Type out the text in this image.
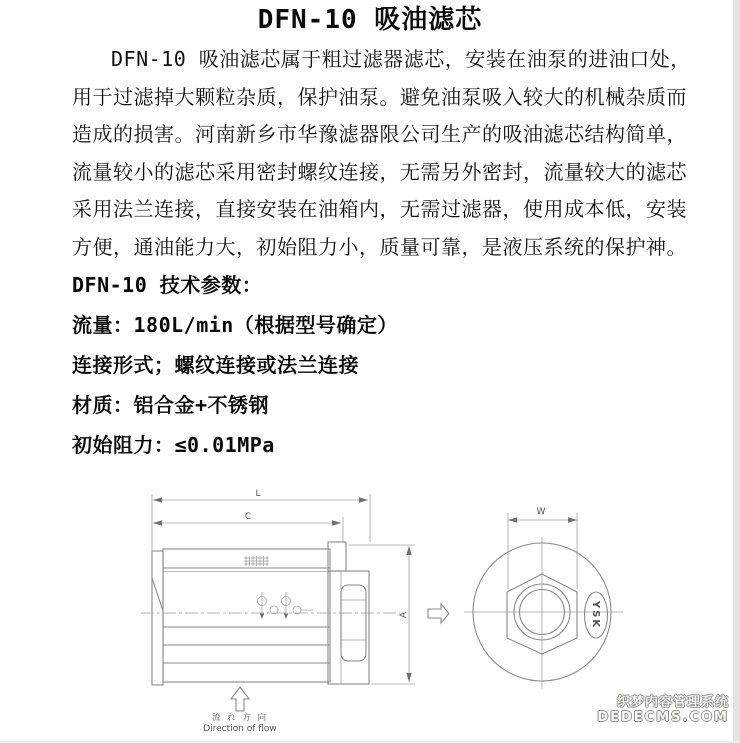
DFN-10 吸油滤芯
DFN-10 吸油滤芯属于粗过滤器滤芯，安装在油泵的进油口处，
用于过滤掉大颗粒杂质，保护油泵。避免油泵吸入较大的机械杂质而
造成的损害。河南新乡市华豫滤器限公司生产的吸油滤芯结构简单，
流量较小的滤芯采用密封螺纹连接，无需另外密封，流量较大的滤芯
采用法兰连接，直接安装在油箱内，无需过滤器，使用成本低，安装
方便，通油能力大，初始阻力小，质量可靠，是液压系统的保护神。
DFN-10 技术参数：
流量：180L/min（根据型号确定）
连接形式；螺纹连接或法兰连接
材质：铝合金+不锈钢
初始阻力：≤0.01MPa
L
C
A
流 れ 方 向
Direction of flow
W
YSK
织梦内容管理系统
DEDECMS.COM
